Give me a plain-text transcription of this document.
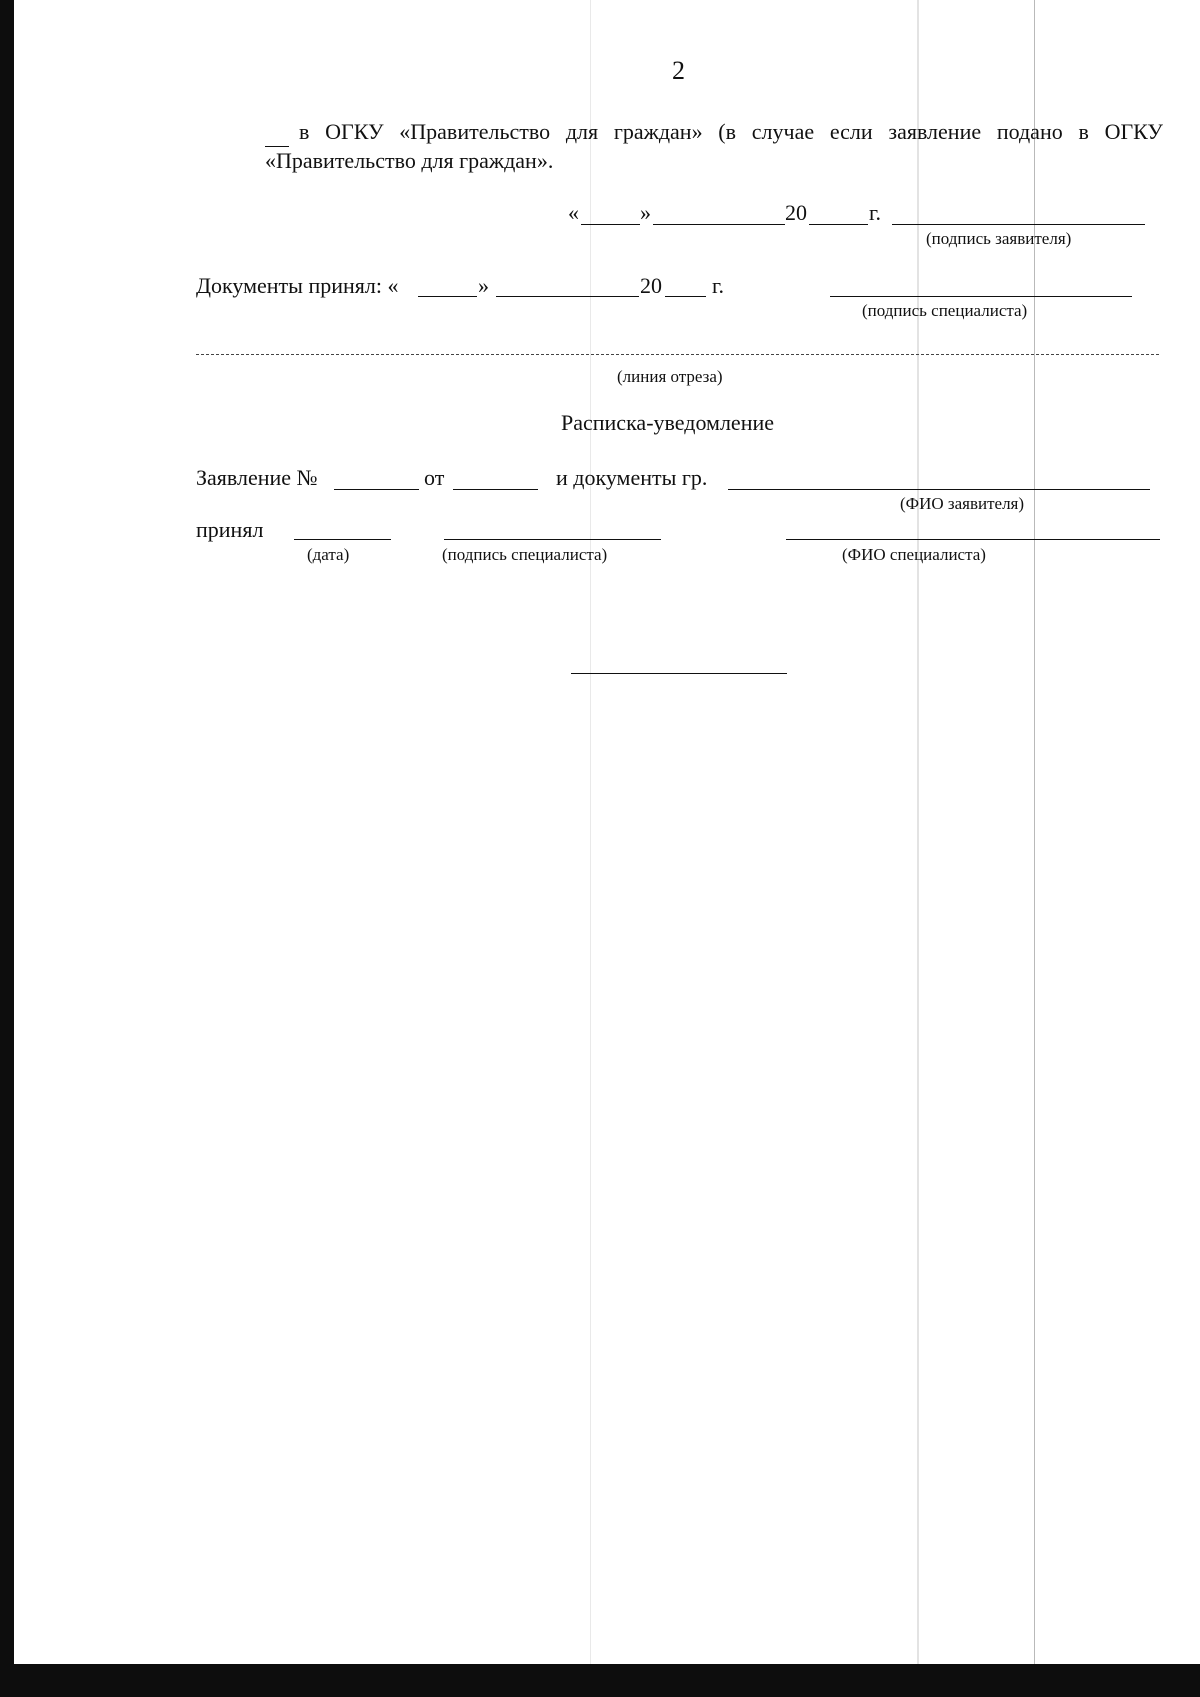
2
в ОГКУ «Правительство для граждан» (в случае если заявление подано в ОГКУ «Правительство для граждан».
«	»	20	г.
(подпись заявителя)
Документы принял: «	»	20 г.
(подпись специалиста)
(линия отреза)
Расписка-уведомление
Заявление №	от	и документы гр.
(ФИО заявителя)
принял
(дата)	(подпись специалиста)	(ФИО специалиста)
